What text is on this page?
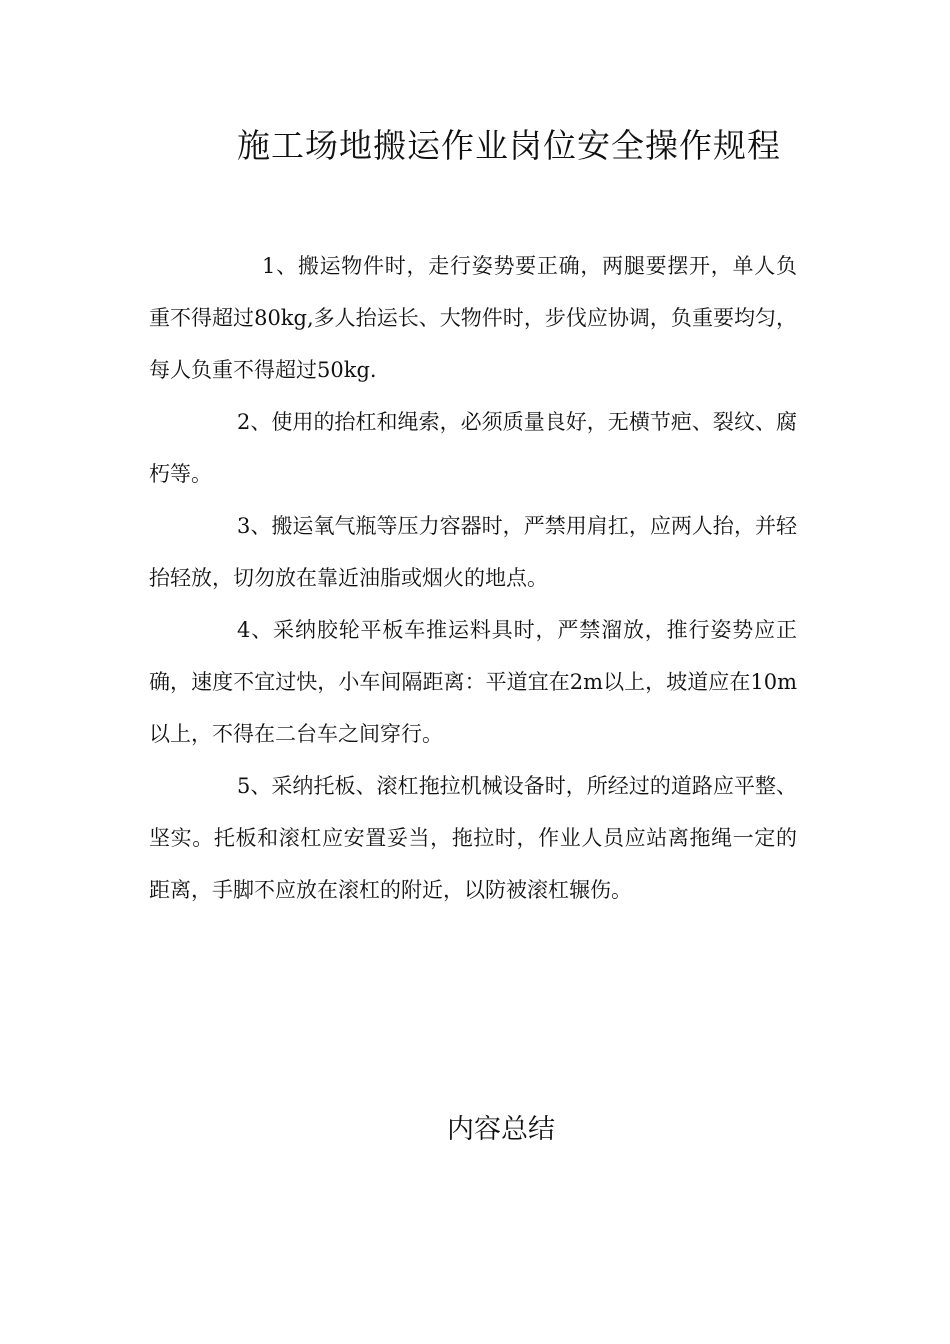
施工场地搬运作业岗位安全操作规程

1、搬运物件时，走行姿势要正确，两腿要摆开，单人负重不得超过80kg,多人抬运长、大物件时，步伐应协调，负重要均匀，每人负重不得超过50kg.

2、使用的抬杠和绳索，必须质量良好，无横节疤、裂纹、腐朽等。

3、搬运氧气瓶等压力容器时，严禁用肩扛，应两人抬，并轻抬轻放，切勿放在靠近油脂或烟火的地点。

4、采纳胶轮平板车推运料具时，严禁溜放，推行姿势应正确，速度不宜过快，小车间隔距离：平道宜在2m以上，坡道应在10m以上，不得在二台车之间穿行。

5、采纳托板、滚杠拖拉机械设备时，所经过的道路应平整、坚实。托板和滚杠应安置妥当，拖拉时，作业人员应站离拖绳一定的距离，手脚不应放在滚杠的附近，以防被滚杠辗伤。

内容总结
